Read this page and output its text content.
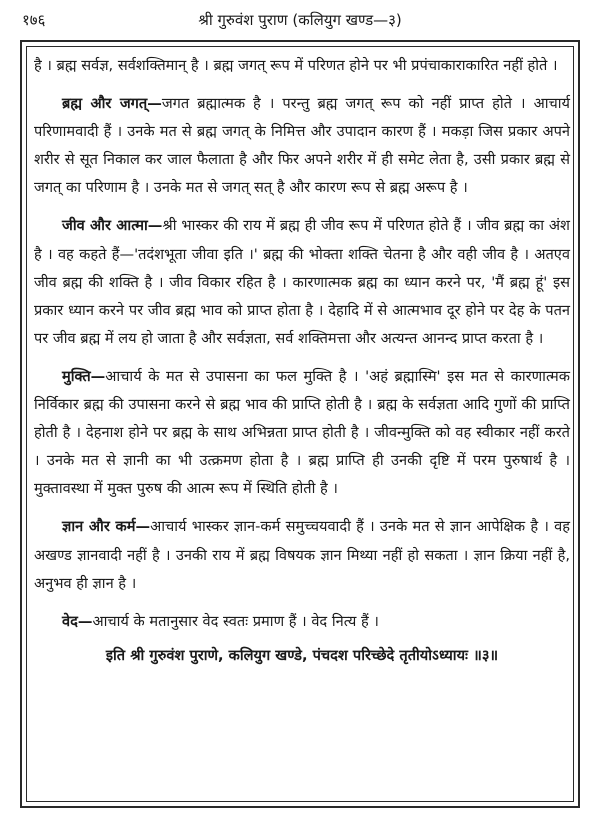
१७६	श्री गुरुवंश पुराण (कलियुग खण्ड—३)

है । ब्रह्म सर्वज्ञ, सर्वशक्तिमान् है । ब्रह्म जगत् रूप में परिणत होने पर भी प्रपंचाकाराकारित नहीं होते ।

ब्रह्म और जगत्—जगत ब्रह्मात्मक है । परन्तु ब्रह्म जगत् रूप को नहीं प्राप्त होते । आचार्य परिणामवादी हैं । उनके मत से ब्रह्म जगत् के निमित्त और उपादान कारण हैं । मकड़ा जिस प्रकार अपने शरीर से सूत निकाल कर जाल फैलाता है और फिर अपने शरीर में ही समेट लेता है, उसी प्रकार ब्रह्म से जगत् का परिणाम है । उनके मत से जगत् सत् है और कारण रूप से ब्रह्म अरूप है ।

जीव और आत्मा—श्री भास्कर की राय में ब्रह्म ही जीव रूप में परिणत होते हैं । जीव ब्रह्म का अंश है । वह कहते हैं—'तदंशभूता जीवा इति ।' ब्रह्म की भोक्ता शक्ति चेतना है और वही जीव है । अतएव जीव ब्रह्म की शक्ति है । जीव विकार रहित है । कारणात्मक ब्रह्म का ध्यान करने पर, 'मैं ब्रह्म हूं' इस प्रकार ध्यान करने पर जीव ब्रह्म भाव को प्राप्त होता है । देहादि में से आत्मभाव दूर होने पर देह के पतन पर जीव ब्रह्म में लय हो जाता है और सर्वज्ञता, सर्व शक्तिमत्ता और अत्यन्त आनन्द प्राप्त करता है ।

मुक्ति—आचार्य के मत से उपासना का फल मुक्ति है । 'अहं ब्रह्मास्मि' इस मत से कारणात्मक निर्विकार ब्रह्म की उपासना करने से ब्रह्म भाव की प्राप्ति होती है । ब्रह्म के सर्वज्ञता आदि गुणों की प्राप्ति होती है । देहनाश होने पर ब्रह्म के साथ अभिन्नता प्राप्त होती है । जीवन्मुक्ति को वह स्वीकार नहीं करते । उनके मत से ज्ञानी का भी उत्क्रमण होता है । ब्रह्म प्राप्ति ही उनकी दृष्टि में परम पुरुषार्थ है । मुक्तावस्था में मुक्त पुरुष की आत्म रूप में स्थिति होती है ।

ज्ञान और कर्म—आचार्य भास्कर ज्ञान-कर्म समुच्चयवादी हैं । उनके मत से ज्ञान आपेक्षिक है । वह अखण्ड ज्ञानवादी नहीं है । उनकी राय में ब्रह्म विषयक ज्ञान मिथ्या नहीं हो सकता । ज्ञान क्रिया नहीं है, अनुभव ही ज्ञान है ।

वेद—आचार्य के मतानुसार वेद स्वतः प्रमाण हैं । वेद नित्य हैं ।

इति श्री गुरुवंश पुराणे, कलियुग खण्डे, पंचदश परिच्छेदे तृतीयोऽध्यायः ॥३॥
